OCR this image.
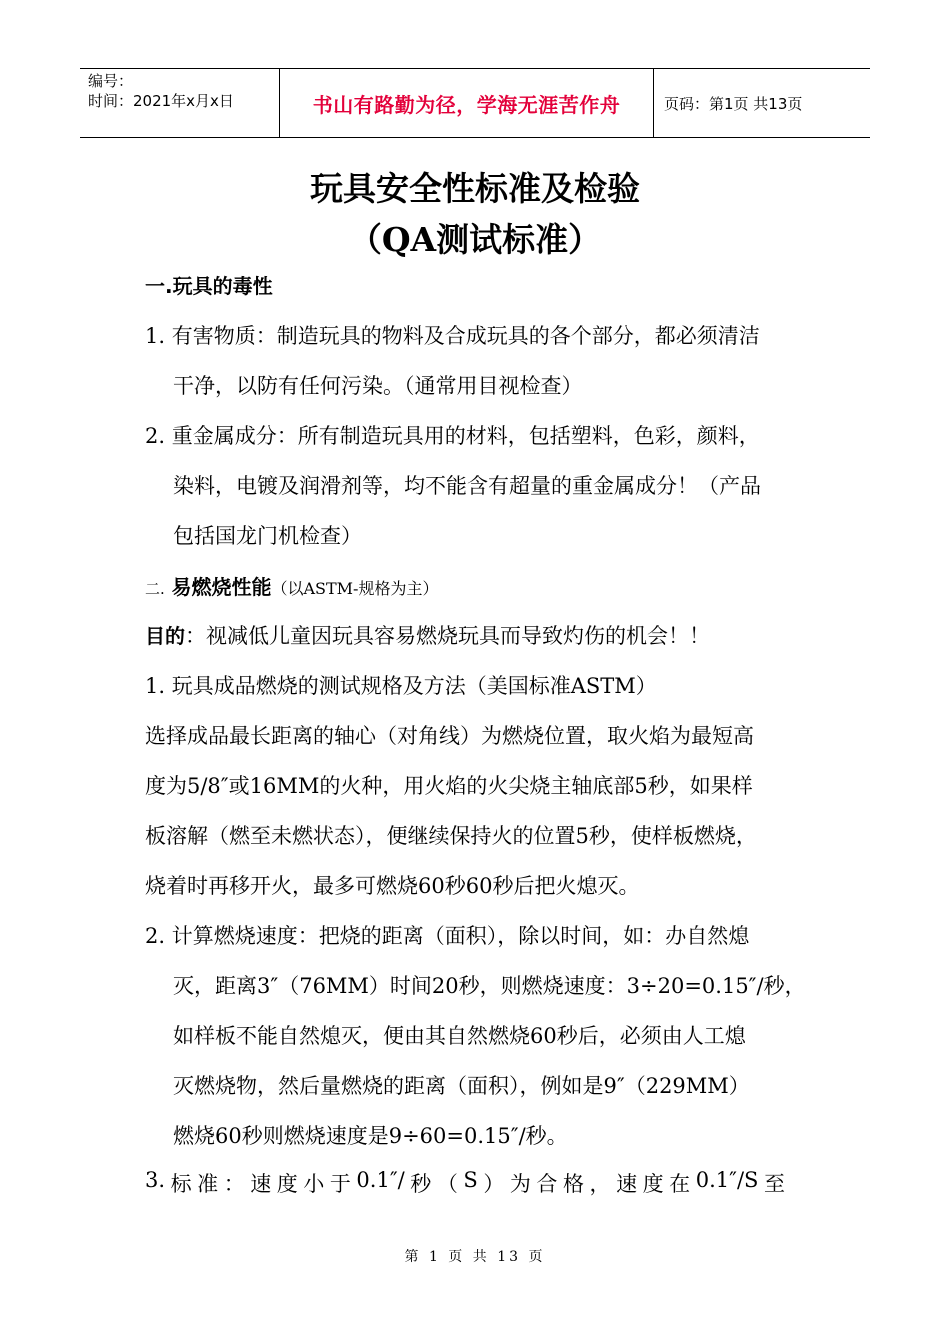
编号：
时间：2021年x月x日	书山有路勤为径，学海无涯苦作舟	页码：第1页 共13页
玩具安全性标准及检验
（QA测试标准）
一.玩具的毒性
1. 有害物质：制造玩具的物料及合成玩具的各个部分，都必须清洁
干净，以防有任何污染。（通常用目视检查）
2. 重金属成分：所有制造玩具用的材料，包括塑料，色彩，颜料，
染料，电镀及润滑剂等，均不能含有超量的重金属成分！（产品
包括国龙门机检查）
二. 易燃烧性能（以ASTM-规格为主）
目的：视减低儿童因玩具容易燃烧玩具而导致灼伤的机会！！
1. 玩具成品燃烧的测试规格及方法（美国标准ASTM）
选择成品最长距离的轴心（对角线）为燃烧位置，取火焰为最短高
度为5/8″或16MM的火种，用火焰的火尖烧主轴底部5秒，如果样
板溶解（燃至未燃状态），便继续保持火的位置5秒，使样板燃烧，
烧着时再移开火，最多可燃烧60秒60秒后把火熄灭。
2. 计算燃烧速度：把烧的距离（面积），除以时间，如：办自然熄
灭，距离3″（76MM）时间20秒，则燃烧速度：3÷20=0.15″/秒，
如样板不能自然熄灭，便由其自然燃烧60秒后，必须由人工熄
灭燃烧物，然后量燃烧的距离（面积），例如是9″（229MM）
燃烧60秒则燃烧速度是9÷60=0.15″/秒。
3. 标 准 ： 速 度 小 于 0.1″/ 秒 （ S ） 为 合 格 ， 速 度 在 0.1″/S 至
第 1 页 共 13 页
